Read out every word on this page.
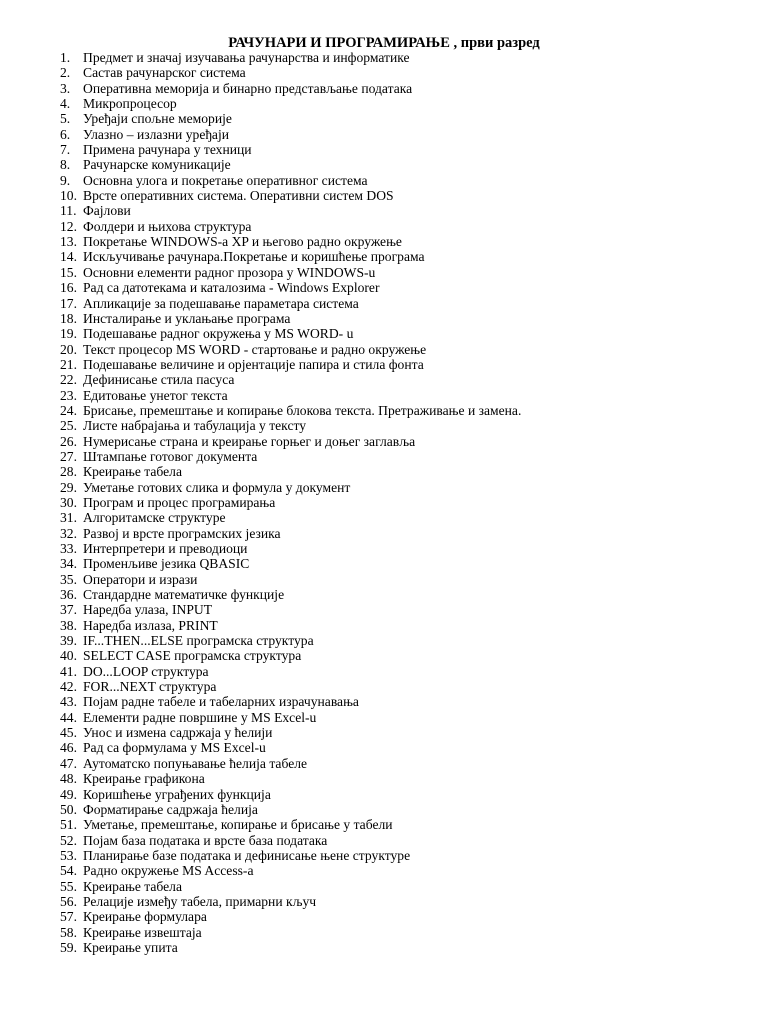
РАЧУНАРИ И ПРОГРАМИРАЊЕ , први разред
1. Предмет и значај изучавања рачунарства и информатике
2. Састав рачунарског система
3. Оперативна меморија и бинарно представљање података
4. Микропроцесор
5. Уређаји спољне меморије
6. Улазно – излазни уређаји
7. Примена рачунара у техници
8. Рачунарске комуникације
9. Основна улога и покретање оперативног система
10. Врсте оперативних система. Оперативни систем DOS
11. Фајлови
12. Фолдери и њихова структура
13. Покретање WINDOWS-a XP и његово радно окружење
14. Искључивање рачунара.Покретање и коришћење програма
15. Основни елементи радног прозора у WINDOWS-u
16. Рад са датотекама и каталозима - Windows Explorer
17. Апликације за подешавање параметара система
18. Инсталирање и уклањање програма
19. Подешавање радног окружења у MS WORD- u
20. Текст процесор MS WORD - стартовање и радно окружење
21. Подешавање величине и орјентације папира и стила фонта
22. Дефинисање стила пасуса
23. Едитовање унетог текста
24. Брисање, премештање и копирање блокова текста. Претраживање и замена.
25. Листе набрајања и табулација у тексту
26. Нумерисање страна и креирање горњег и доњег заглавља
27. Штампање готовог документа
28. Креирање табела
29. Уметање готових слика и формула у документ
30. Програм и процес програмирања
31. Алгоритамске структуре
32. Развој и врсте програмских језика
33. Интерпретери и преводиоци
34. Променљиве језика QBASIC
35. Оператори и изрази
36. Стандардне математичке функције
37. Наредба улаза, INPUT
38. Наредба излаза, PRINT
39. IF...THEN...ELSE програмска структура
40. SELECT CASE програмска структура
41. DO...LOOP структура
42. FOR...NEXT структура
43. Појам радне табеле и табеларних израчунавања
44. Елементи радне површине у MS Excel-u
45. Унос и измена садржаја у ћелији
46. Рад са формулама у MS Excel-u
47. Аутоматско попуњавање ћелија табеле
48. Креирање графикона
49. Коришћење уграђених функција
50. Форматирање садржаја ћелија
51. Уметање, премештање, копирање и брисање у табели
52. Појам база података и врсте база података
53. Планирање базе података и дефинисање њене структуре
54. Радно окружење MS Access-a
55. Креирање табела
56. Релације између табела, примарни кључ
57. Креирање формулара
58. Креирање извештаја
59. Креирање упита
